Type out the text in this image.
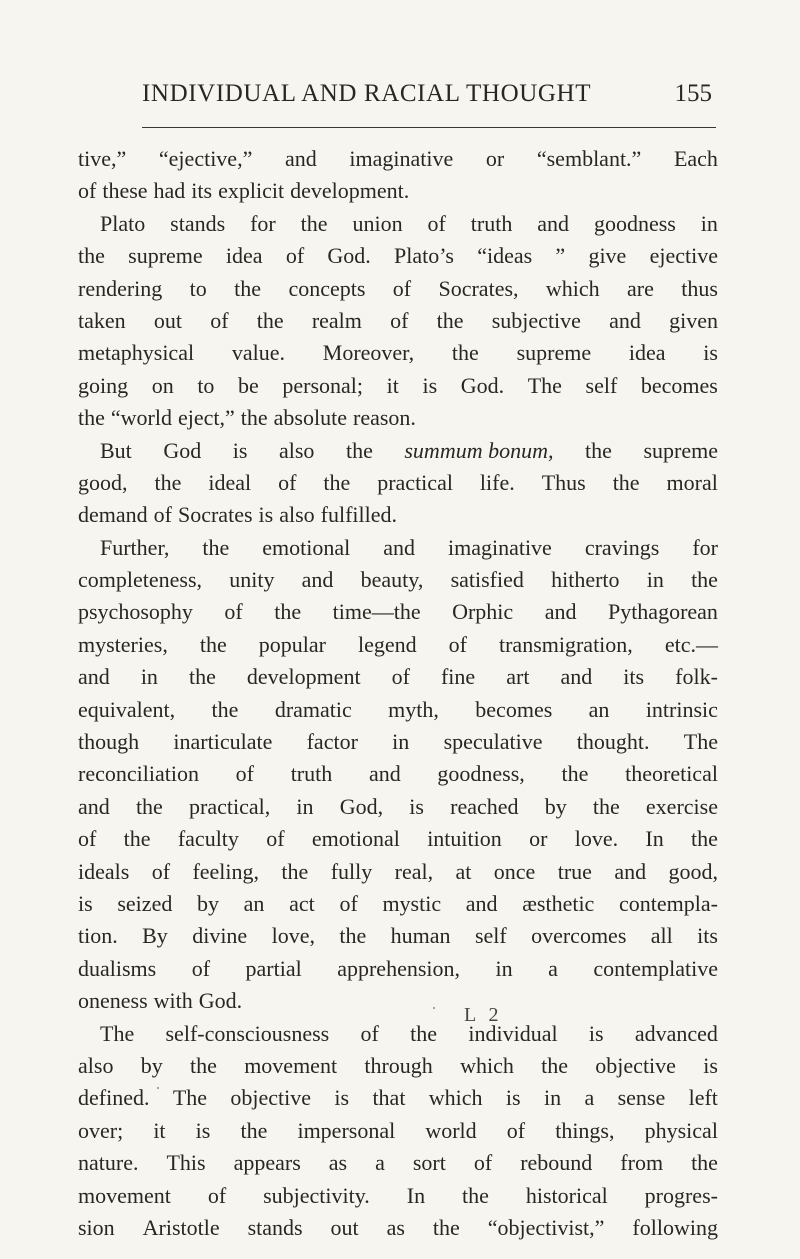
INDIVIDUAL AND RACIAL THOUGHT	155
tive,” “ejective,” and imaginative or “semblant.” Each
of these had its explicit development.
Plato stands for the union of truth and goodness in
the supreme idea of God. Plato’s “ideas ” give ejective
rendering to the concepts of Socrates, which are thus
taken out of the realm of the subjective and given
metaphysical value. Moreover, the supreme idea is
going on to be personal; it is God. The self becomes
the “world eject,” the absolute reason.
But God is also the summum bonum, the supreme
good, the ideal of the practical life. Thus the moral
demand of Socrates is also fulfilled.
Further, the emotional and imaginative cravings for
completeness, unity and beauty, satisfied hitherto in the
psychosophy of the time—the Orphic and Pythagorean
mysteries, the popular legend of transmigration, etc.—
and in the development of fine art and its folk-
equivalent, the dramatic myth, becomes an intrinsic
though inarticulate factor in speculative thought. The
reconciliation of truth and goodness, the theoretical
and the practical, in God, is reached by the exercise
of the faculty of emotional intuition or love. In the
ideals of feeling, the fully real, at once true and good,
is seized by an act of mystic and æsthetic contempla-
tion. By divine love, the human self overcomes all its
dualisms of partial apprehension, in a contemplative
oneness with God.
The self-consciousness of the individual is advanced
also by the movement through which the objective is
defined. The objective is that which is in a sense left
over; it is the impersonal world of things, physical
nature. This appears as a sort of rebound from the
movement of subjectivity. In the historical progres-
sion Aristotle stands out as the “objectivist,” following
L 2
